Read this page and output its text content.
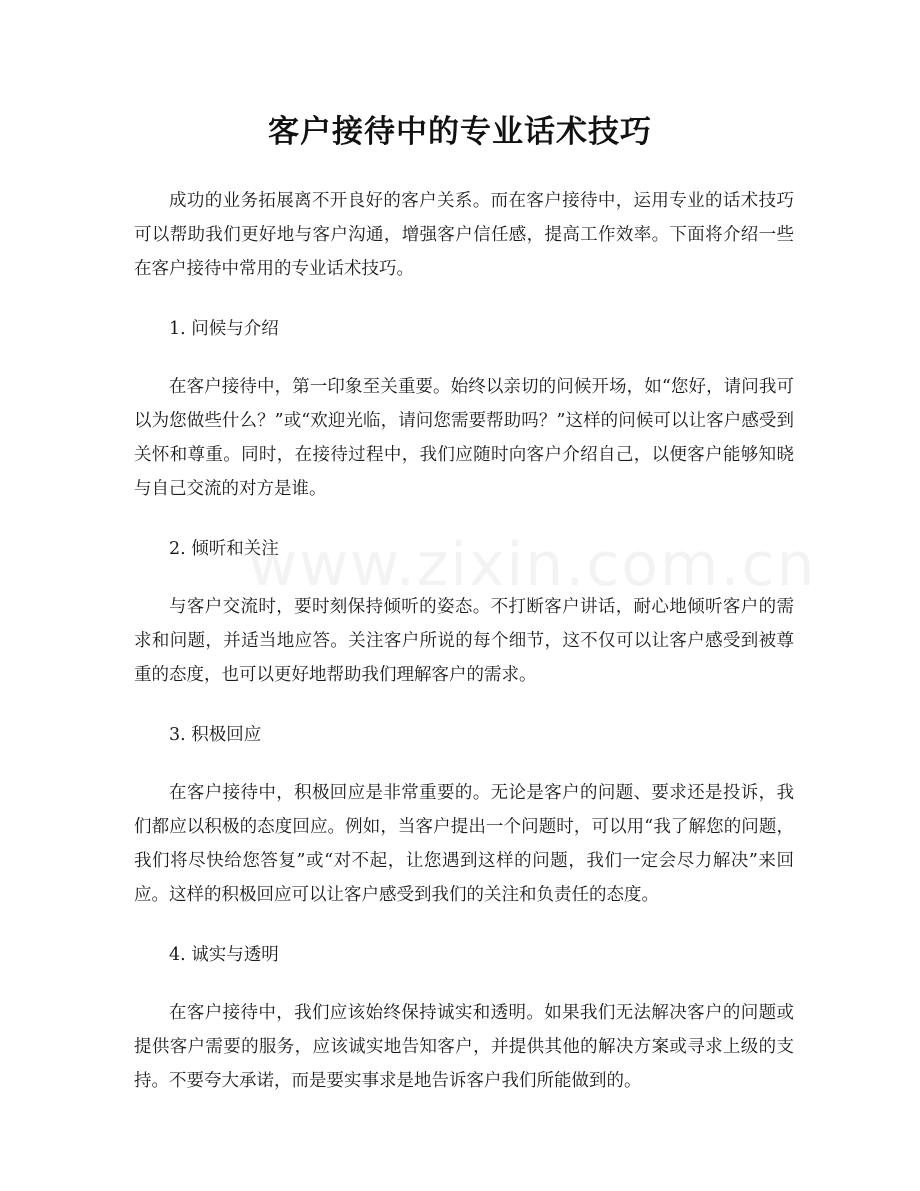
客户接待中的专业话术技巧

成功的业务拓展离不开良好的客户关系。而在客户接待中，运用专业的话术技巧可以帮助我们更好地与客户沟通，增强客户信任感，提高工作效率。下面将介绍一些在客户接待中常用的专业话术技巧。

1. 问候与介绍

在客户接待中，第一印象至关重要。始终以亲切的问候开场，如“您好，请问我可以为您做些什么？”或“欢迎光临，请问您需要帮助吗？”这样的问候可以让客户感受到关怀和尊重。同时，在接待过程中，我们应随时向客户介绍自己，以便客户能够知晓与自己交流的对方是谁。

2. 倾听和关注

与客户交流时，要时刻保持倾听的姿态。不打断客户讲话，耐心地倾听客户的需求和问题，并适当地应答。关注客户所说的每个细节，这不仅可以让客户感受到被尊重的态度，也可以更好地帮助我们理解客户的需求。

3. 积极回应

在客户接待中，积极回应是非常重要的。无论是客户的问题、要求还是投诉，我们都应以积极的态度回应。例如，当客户提出一个问题时，可以用“我了解您的问题，我们将尽快给您答复”或“对不起，让您遇到这样的问题，我们一定会尽力解决”来回应。这样的积极回应可以让客户感受到我们的关注和负责任的态度。

4. 诚实与透明

在客户接待中，我们应该始终保持诚实和透明。如果我们无法解决客户的问题或提供客户需要的服务，应该诚实地告知客户，并提供其他的解决方案或寻求上级的支持。不要夸大承诺，而是要实事求是地告诉客户我们所能做到的。

www.zixin.com.cn
